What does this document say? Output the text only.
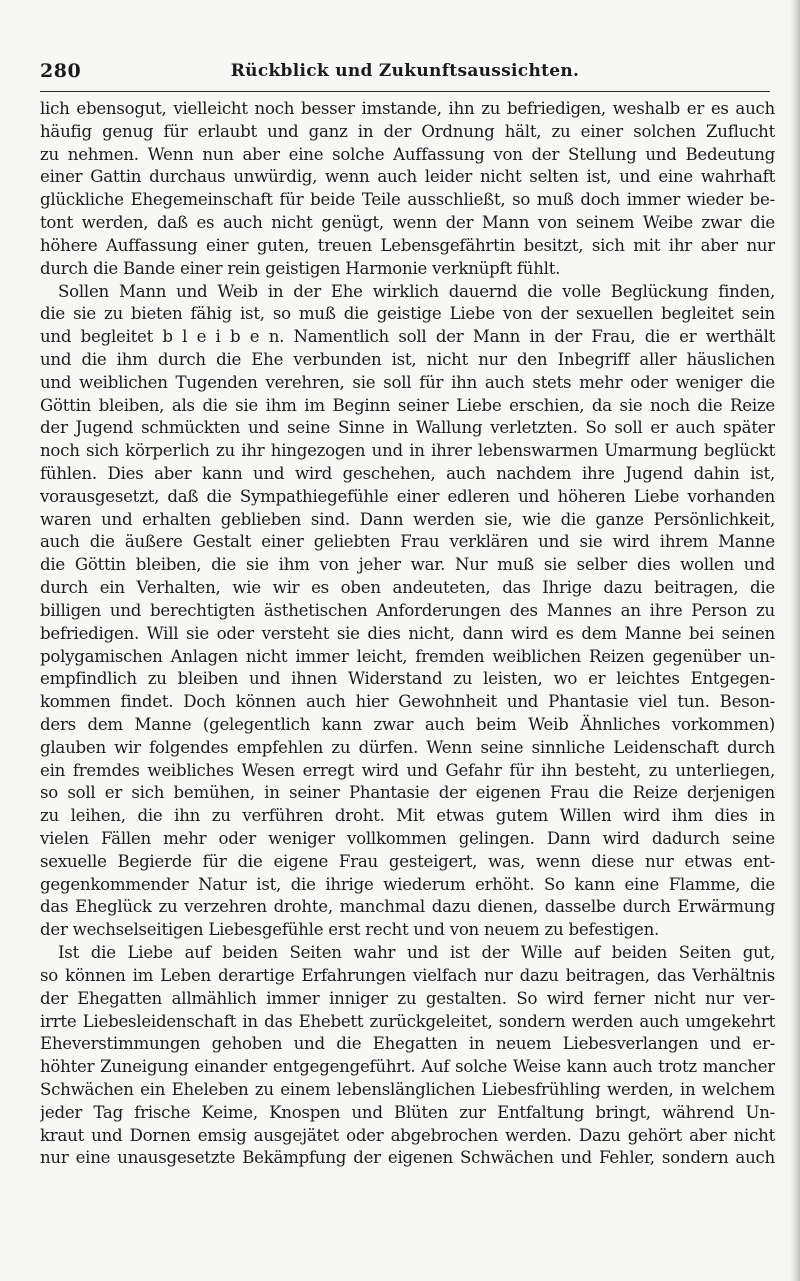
280	Rückblick und Zukunftsaussichten.
lich ebensogut, vielleicht noch besser imstande, ihn zu befriedigen, weshalb er es auch
häufig genug für erlaubt und ganz in der Ordnung hält, zu einer solchen Zuflucht
zu nehmen. Wenn nun aber eine solche Auffassung von der Stellung und Bedeutung
einer Gattin durchaus unwürdig, wenn auch leider nicht selten ist, und eine wahrhaft
glückliche Ehegemeinschaft für beide Teile ausschließt, so muß doch immer wieder be-
tont werden, daß es auch nicht genügt, wenn der Mann von seinem Weibe zwar die
höhere Auffassung einer guten, treuen Lebensgefährtin besitzt, sich mit ihr aber nur
durch die Bande einer rein geistigen Harmonie verknüpft fühlt.
Sollen Mann und Weib in der Ehe wirklich dauernd die volle Beglückung finden,
die sie zu bieten fähig ist, so muß die geistige Liebe von der sexuellen begleitet sein
und begleitet b l e i b e n. Namentlich soll der Mann in der Frau, die er werthält
und die ihm durch die Ehe verbunden ist, nicht nur den Inbegriff aller häuslichen
und weiblichen Tugenden verehren, sie soll für ihn auch stets mehr oder weniger die
Göttin bleiben, als die sie ihm im Beginn seiner Liebe erschien, da sie noch die Reize
der Jugend schmückten und seine Sinne in Wallung verletzten. So soll er auch später
noch sich körperlich zu ihr hingezogen und in ihrer lebenswarmen Umarmung beglückt
fühlen. Dies aber kann und wird geschehen, auch nachdem ihre Jugend dahin ist,
vorausgesetzt, daß die Sympathiegefühle einer edleren und höheren Liebe vorhanden
waren und erhalten geblieben sind. Dann werden sie, wie die ganze Persönlichkeit,
auch die äußere Gestalt einer geliebten Frau verklären und sie wird ihrem Manne
die Göttin bleiben, die sie ihm von jeher war. Nur muß sie selber dies wollen und
durch ein Verhalten, wie wir es oben andeuteten, das Ihrige dazu beitragen, die
billigen und berechtigten ästhetischen Anforderungen des Mannes an ihre Person zu
befriedigen. Will sie oder versteht sie dies nicht, dann wird es dem Manne bei seinen
polygamischen Anlagen nicht immer leicht, fremden weiblichen Reizen gegenüber un-
empfindlich zu bleiben und ihnen Widerstand zu leisten, wo er leichtes Entgegen-
kommen findet. Doch können auch hier Gewohnheit und Phantasie viel tun. Beson-
ders dem Manne (gelegentlich kann zwar auch beim Weib Ähnliches vorkommen)
glauben wir folgendes empfehlen zu dürfen. Wenn seine sinnliche Leidenschaft durch
ein fremdes weibliches Wesen erregt wird und Gefahr für ihn besteht, zu unterliegen,
so soll er sich bemühen, in seiner Phantasie der eigenen Frau die Reize derjenigen
zu leihen, die ihn zu verführen droht. Mit etwas gutem Willen wird ihm dies in
vielen Fällen mehr oder weniger vollkommen gelingen. Dann wird dadurch seine
sexuelle Begierde für die eigene Frau gesteigert, was, wenn diese nur etwas ent-
gegenkommender Natur ist, die ihrige wiederum erhöht. So kann eine Flamme, die
das Eheglück zu verzehren drohte, manchmal dazu dienen, dasselbe durch Erwärmung
der wechselseitigen Liebesgefühle erst recht und von neuem zu befestigen.
Ist die Liebe auf beiden Seiten wahr und ist der Wille auf beiden Seiten gut,
so können im Leben derartige Erfahrungen vielfach nur dazu beitragen, das Verhältnis
der Ehegatten allmählich immer inniger zu gestalten. So wird ferner nicht nur ver-
irrte Liebesleidenschaft in das Ehebett zurückgeleitet, sondern werden auch umgekehrt
Eheverstimmungen gehoben und die Ehegatten in neuem Liebesverlangen und er-
höhter Zuneigung einander entgegengeführt. Auf solche Weise kann auch trotz mancher
Schwächen ein Eheleben zu einem lebenslänglichen Liebesfrühling werden, in welchem
jeder Tag frische Keime, Knospen und Blüten zur Entfaltung bringt, während Un-
kraut und Dornen emsig ausgejätet oder abgebrochen werden. Dazu gehört aber nicht
nur eine unausgesetzte Bekämpfung der eigenen Schwächen und Fehler, sondern auch
